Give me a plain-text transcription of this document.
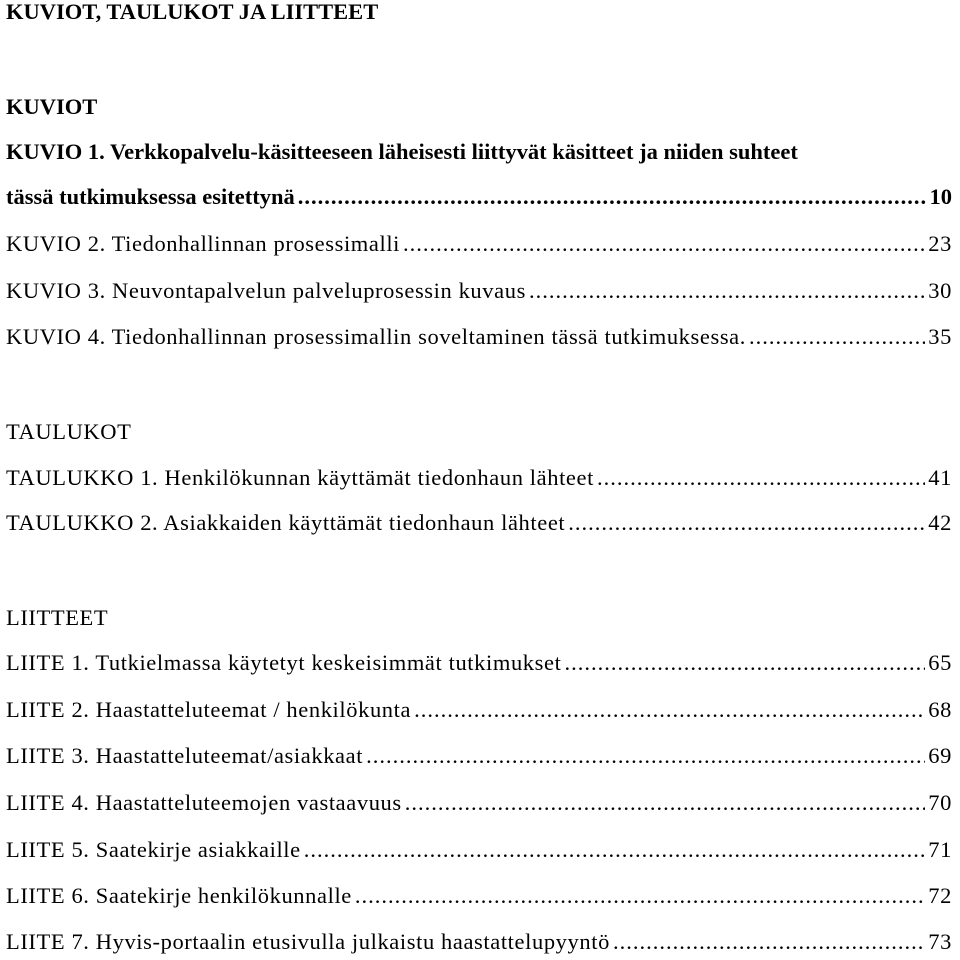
KUVIOT, TAULUKOT JA LIITTEET
KUVIOT
KUVIO 1. Verkkopalvelu-käsitteeseen läheisesti liittyvät käsitteet ja niiden suhteet
tässä tutkimuksessa esitettynä .....	10
KUVIO 2. Tiedonhallinnan prosessimalli .....	23
KUVIO 3. Neuvontapalvelun palveluprosessin kuvaus .....	30
KUVIO 4. Tiedonhallinnan prosessimallin soveltaminen tässä tutkimuksessa. .....	35
TAULUKOT
TAULUKKO 1. Henkilökunnan käyttämät tiedonhaun lähteet .....	41
TAULUKKO 2. Asiakkaiden käyttämät tiedonhaun lähteet .....	42
LIITTEET
LIITE 1. Tutkielmassa käytetyt keskeisimmät tutkimukset .....	65
LIITE 2. Haastatteluteemat / henkilökunta .....	68
LIITE 3. Haastatteluteemat/asiakkaat .....	69
LIITE 4. Haastatteluteemojen vastaavuus .....	70
LIITE 5. Saatekirje asiakkaille .....	71
LIITE 6. Saatekirje henkilökunnalle .....	72
LIITE 7. Hyvis-portaalin etusivulla julkaistu haastattelupyyntö .....	73
